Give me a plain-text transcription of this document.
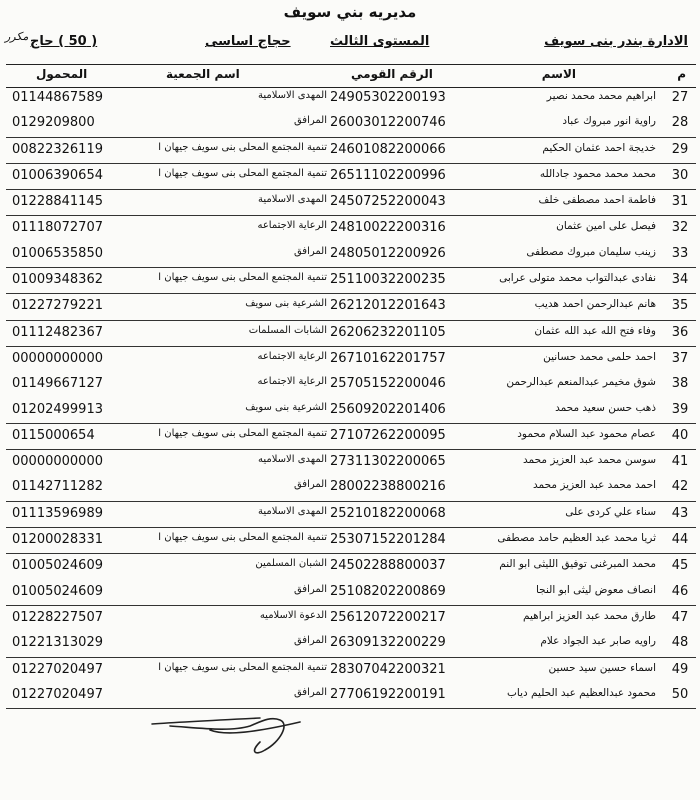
مديريه بني سويف
الادارة بندر بنى سويف
المستوى الثالث
حجاج اساسى
( 50 ) حاج
مكرر
م
الاسم
الرقم القومي
اسم الجمعية
المحمول
27
ابراهيم محمد محمد نصير
24905302200193
المهدى الاسلامية
01144867589
28
راوية انور مبروك عباد
26003012200746
المرافق
0129209800
29
خديجة احمد عثمان الحكيم
24601082200066
تنمية المجتمع المحلى بنى سويف جيهان ا
00822326119
30
محمد محمد محمود جادالله
26511102200996
تنمية المجتمع المحلى بنى سويف جيهان ا
01006390654
31
فاطمة احمد مصطفى خلف
24507252200043
المهدى الاسلامية
01228841145
32
فيصل على امين عثمان
24810022200316
الرعاية الاجتماعه
01118072707
33
زينب سليمان مبروك مصطفى
24805012200926
المرافق
01006535850
34
نفادى عبدالتواب محمد متولى عرابى
25110032200235
تنمية المجتمع المحلى بنى سويف جيهان ا
01009348362
35
هانم عبدالرحمن احمد هديب
26212012201643
الشرعية بنى سويف
01227279221
36
وفاء فتح الله عبد الله عثمان
26206232201105
الشابات المسلمات
01112482367
37
احمد حلمى محمد حسانين
26710162201757
الرعاية الاجتماعه
00000000000
38
شوق مخيمر عبدالمنعم عبدالرحمن
25705152200046
الرعاية الاجتماعه
01149667127
39
ذهب حسن سعيد محمد
25609202201406
الشرعية بنى سويف
01202499913
40
عصام محمود عبد السلام محمود
27107262200095
تنمية المجتمع المحلى بنى سويف جيهان ا
0115000654
41
سوسن محمد عبد العزيز محمد
27311302200065
المهدى الاسلاميه
00000000000
42
احمد محمد عبد العزيز محمد
28002238800216
المرافق
01142711282
43
سناء علي كردى على
25210182200068
المهدى الاسلامية
01113596989
44
ثريا محمد عبد العظيم حامد مصطفى
25307152201284
تنمية المجتمع المحلى بنى سويف جيهان ا
01200028331
45
محمد المبرغنى توفيق الليثى ابو النم
24502288800037
الشبان المسلمين
01005024609
46
انصاف معوض ليثى ابو النجا
25108202200869
المرافق
01005024609
47
طارق محمد عبد العزيز ابراهيم
25612072200217
الدعوة الاسلاميه
01228227507
48
راويه صابر عبد الجواد علام
26309132200229
المرافق
01221313029
49
اسماء حسين سيد حسين
28307042200321
تنمية المجتمع المحلى بنى سويف جيهان ا
01227020497
50
محمود عبدالعظيم عبد الحليم دياب
27706192200191
المرافق
01227020497
